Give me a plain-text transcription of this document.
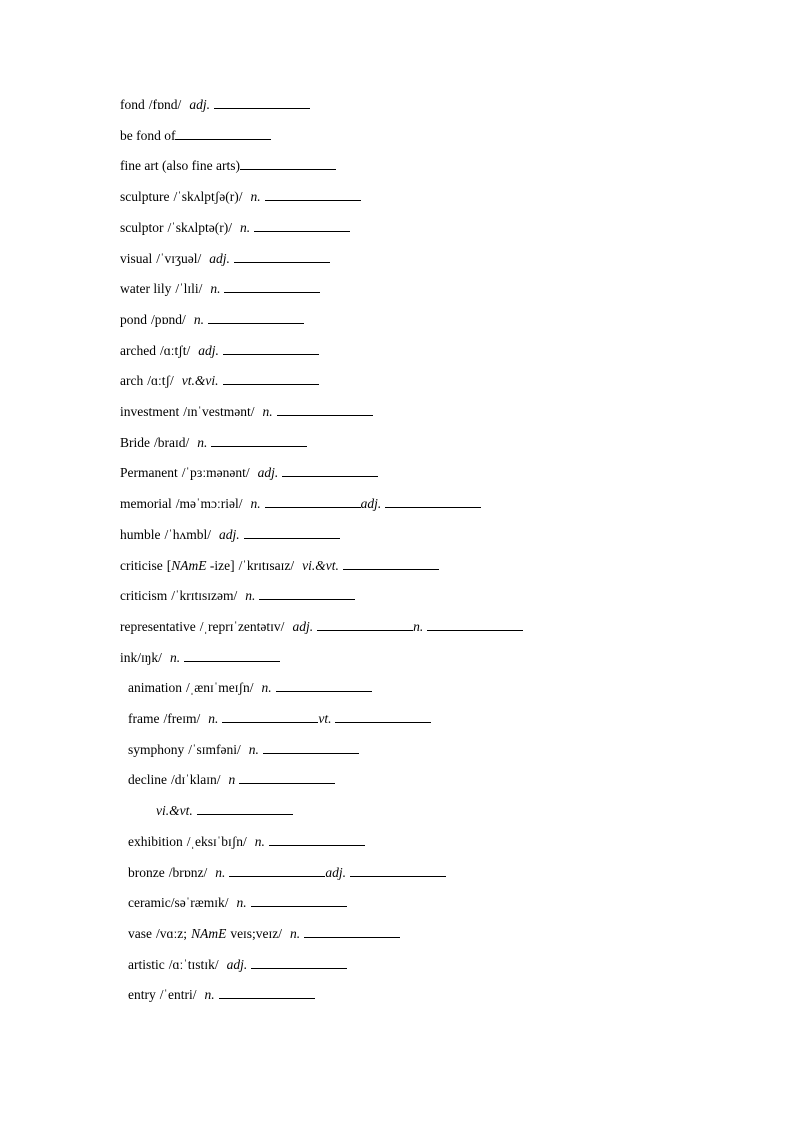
fond /fɒnd/ adj.
be fond of
fine art (also fine arts)
sculpture /ˈskʌlptʃə(r)/ n.
sculptor /ˈskʌlptə(r)/ n.
visual /ˈvɪʒuəl/ adj.
water lily /ˈlɪli/ n.
pond /pɒnd/ n.
arched /ɑːtʃt/ adj.
arch /ɑːtʃ/ vt.&vi.
investment /ɪnˈvestmənt/ n.
Bride /braɪd/ n.
Permanent /ˈpɜːmənənt/ adj.
memorial /məˈmɔːriəl/ n.	adj.
humble /ˈhʌmbl/ adj.
criticise [NAmE -ize] /ˈkrɪtɪsaɪz/ vi.&vt.
criticism /ˈkrɪtɪsɪzəm/ n.
representative /ˌreprɪˈzentətɪv/ adj.	n.
ink/ɪŋk/ n.
animation /ˌænɪˈmeɪʃn/ n.
frame /freɪm/ n.	vt.
symphony /ˈsɪmfəni/ n.
decline /dɪˈklaɪn/ n
vi.&vt.
exhibition /ˌeksɪˈbɪʃn/ n.
bronze /brɒnz/ n.	adj.
ceramic/səˈræmɪk/ n.
vase /vɑːz; NAmE veɪs;veɪz/ n.
artistic /ɑːˈtɪstɪk/ adj.
entry /ˈentri/ n.
